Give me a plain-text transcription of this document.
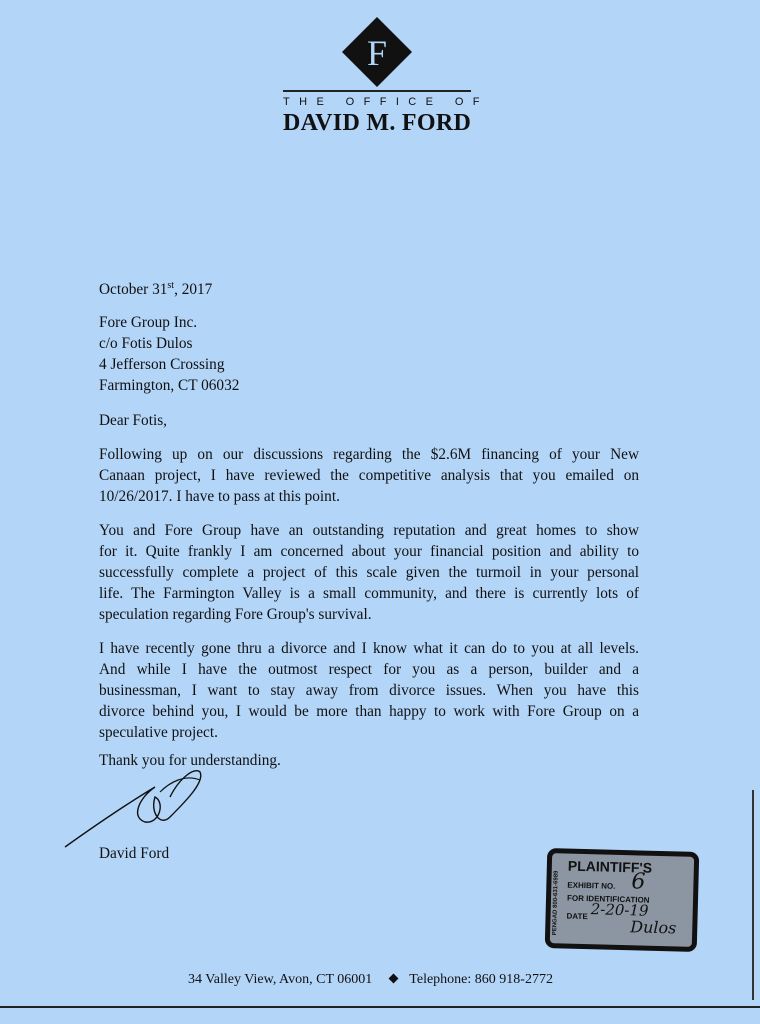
F
THE OFFICE OF
DAVID M. FORD
October 31st, 2017
Fore Group Inc.
c/o Fotis Dulos
4 Jefferson Crossing
Farmington, CT 06032
Dear Fotis,
Following up on our discussions regarding the $2.6M financing of your New
Canaan project, I have reviewed the competitive analysis that you emailed on
10/26/2017. I have to pass at this point.
You and Fore Group have an outstanding reputation and great homes to show
for it. Quite frankly I am concerned about your financial position and ability to
successfully complete a project of this scale given the turmoil in your personal
life. The Farmington Valley is a small community, and there is currently lots of
speculation regarding Fore Group's survival.
I have recently gone thru a divorce and I know what it can do to you at all levels.
And while I have the outmost respect for you as a person, builder and a
businessman, I want to stay away from divorce issues. When you have this
divorce behind you, I would be more than happy to work with Fore Group on a
speculative project.
Thank you for understanding.
David Ford
PENGAD 800-631-6989
PLAINTIFF'S
EXHIBIT NO. 6
FOR IDENTIFICATION
DATE 2-20-19
Dulos
34 Valley View, Avon, CT 06001	Telephone: 860 918-2772
